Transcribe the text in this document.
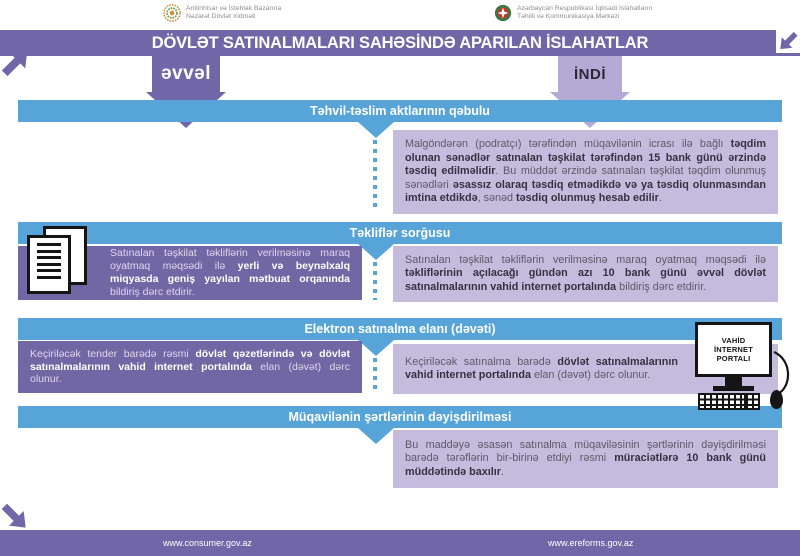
Antiinhisar və İstehlak Bazarına
Nəzarət Dövlət Xidməti
Azərbaycan Respublikası İqtisadi İslahatların
Təhlili və Kommunikasiya Mərkəzi
DÖVLƏT SATINALMALARI SAHƏSİNDƏ APARILAN İSLAHATLAR
əvvəl	İNDİ
Təhvil-təslim aktlarının qəbulu
Malgöndərən (podratçı) tərəfindən müqavilənin icrası ilə bağlı təqdim olunan sənədlər satınalan təşkilat tərəfindən 15 bank günü ərzində təsdiq edilməlidir. Bu müddət ərzində satınalan təşkilat təqdim olunmuş sənədləri əsassız olaraq təsdiq etmədikdə və ya təsdiq olunmasından imtina etdikdə, sənəd təsdiq olunmuş hesab edilir.
Təkliflər sorğusu
Satınalan təşkilat təkliflərin verilməsinə maraq oyatmaq məqsədi ilə yerli və beynəlxalq miqyasda geniş yayılan mətbuat orqanında bildiriş dərc etdirir.
Satınalan təşkilat təkliflərin verilməsinə maraq oyatmaq məqsədi ilə təkliflərinin açılacağı gündən azı 10 bank günü əvvəl dövlət satınalmalarının vahid internet portalında bildiriş dərc etdirir.
Elektron satınalma elanı (dəvəti)
Keçiriləcək tender barədə rəsmi dövlət qəzetlərində və dövlət satınalmalarının vahid internet portalında elan (dəvət) dərc olunur.
Keçiriləcək satınalma barədə dövlət satınalmalarının vahid internet portalında elan (dəvət) dərc olunur.
VAHİD
İNTERNET
PORTALI
Müqavilənin şərtlərinin dəyişdirilməsi
Bu maddəyə əsasən satınalma müqaviləsinin şərtlərinin dəyişdirilməsi barədə tərəflərin bir-birinə etdiyi rəsmi müraciətlərə 10 bank günü müddətində baxılır.
www.consumer.gov.az	www.ereforms.gov.az
